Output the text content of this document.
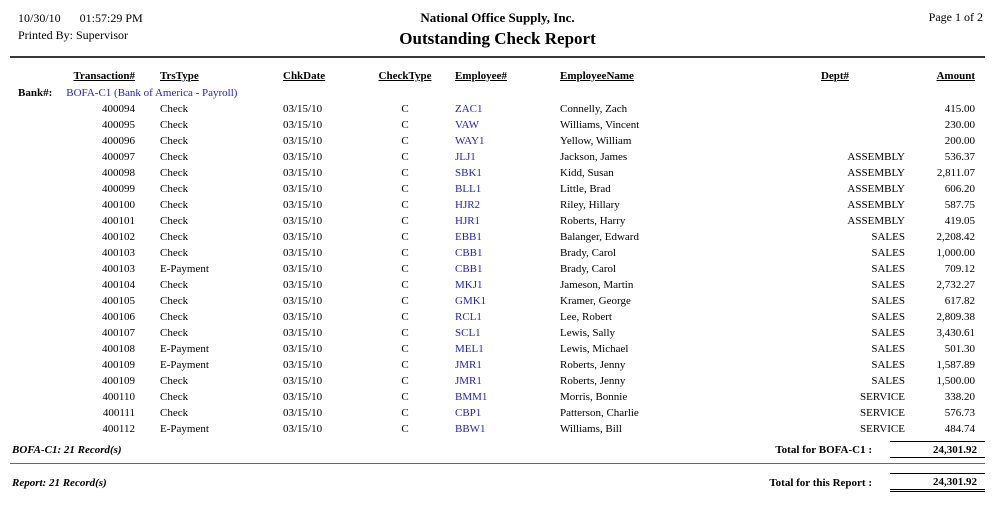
10/30/10 01:57:29 PM
Printed By: Supervisor
National Office Supply, Inc.
Outstanding Check Report
Page 1 of 2
Transaction#	TrsType	ChkDate	CheckType	Employee#	EmployeeName	Dept#	Amount
Bank#: BOFA-C1 (Bank of America - Payroll)							
400094	Check	03/15/10	C	ZAC1	Connelly, Zach		415.00
400095	Check	03/15/10	C	VAW	Williams, Vincent		230.00
400096	Check	03/15/10	C	WAY1	Yellow, William		200.00
400097	Check	03/15/10	C	JLJ1	Jackson, James	ASSEMBLY	536.37
400098	Check	03/15/10	C	SBK1	Kidd, Susan	ASSEMBLY	2,811.07
400099	Check	03/15/10	C	BLL1	Little, Brad	ASSEMBLY	606.20
400100	Check	03/15/10	C	HJR2	Riley, Hillary	ASSEMBLY	587.75
400101	Check	03/15/10	C	HJR1	Roberts, Harry	ASSEMBLY	419.05
400102	Check	03/15/10	C	EBB1	Balanger, Edward	SALES	2,208.42
400103	Check	03/15/10	C	CBB1	Brady, Carol	SALES	1,000.00
400103	E-Payment	03/15/10	C	CBB1	Brady, Carol	SALES	709.12
400104	Check	03/15/10	C	MKJ1	Jameson, Martin	SALES	2,732.27
400105	Check	03/15/10	C	GMK1	Kramer, George	SALES	617.82
400106	Check	03/15/10	C	RCL1	Lee, Robert	SALES	2,809.38
400107	Check	03/15/10	C	SCL1	Lewis, Sally	SALES	3,430.61
400108	E-Payment	03/15/10	C	MEL1	Lewis, Michael	SALES	501.30
400109	E-Payment	03/15/10	C	JMR1	Roberts, Jenny	SALES	1,587.89
400109	Check	03/15/10	C	JMR1	Roberts, Jenny	SALES	1,500.00
400110	Check	03/15/10	C	BMM1	Morris, Bonnie	SERVICE	338.20
400111	Check	03/15/10	C	CBP1	Patterson, Charlie	SERVICE	576.73
400112	E-Payment	03/15/10	C	BBW1	Williams, Bill	SERVICE	484.74
BOFA-C1: 21 Record(s)	Total for BOFA-C1 :	24,301.92
Report: 21 Record(s)	Total for this Report :	24,301.92
